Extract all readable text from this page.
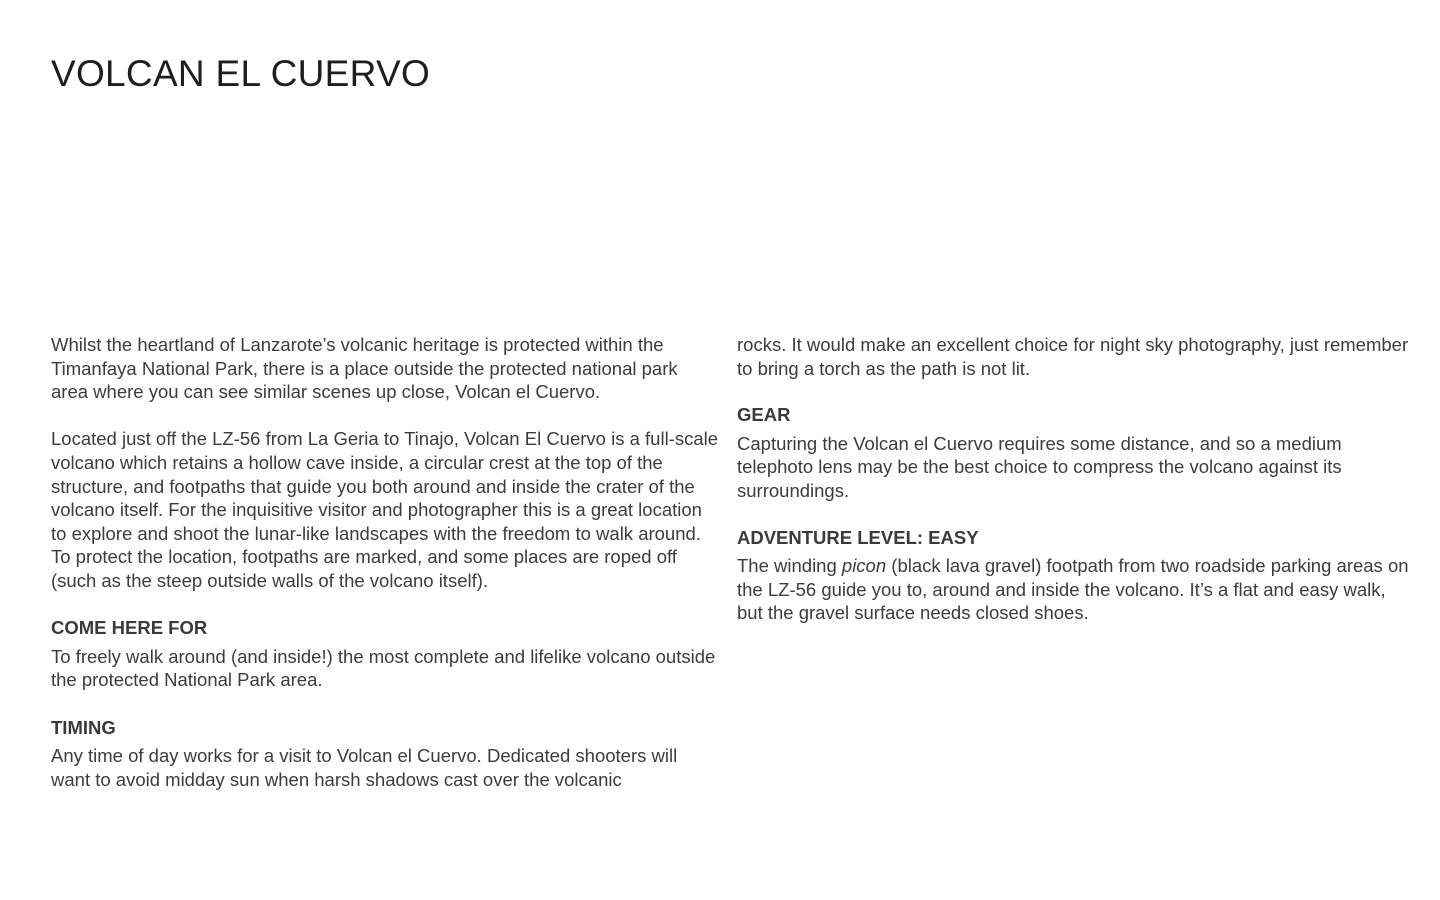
VOLCAN EL CUERVO

Whilst the heartland of Lanzarote’s volcanic heritage is protected within the Timanfaya National Park, there is a place outside the protected national park area where you can see similar scenes up close, Volcan el Cuervo.

Located just off the LZ-56 from La Geria to Tinajo, Volcan El Cuervo is a full-scale volcano which retains a hollow cave inside, a circular crest at the top of the structure, and footpaths that guide you both around and inside the crater of the volcano itself. For the inquisitive visitor and photographer this is a great location to explore and shoot the lunar-like landscapes with the freedom to walk around. To protect the location, footpaths are marked, and some places are roped off (such as the steep outside walls of the volcano itself).

COME HERE FOR

To freely walk around (and inside!) the most complete and lifelike volcano outside the protected National Park area.

TIMING

Any time of day works for a visit to Volcan el Cuervo. Dedicated shooters will want to avoid midday sun when harsh shadows cast over the volcanic

rocks. It would make an excellent choice for night sky photography, just remember to bring a torch as the path is not lit.

GEAR

Capturing the Volcan el Cuervo requires some distance, and so a medium telephoto lens may be the best choice to compress the volcano against its surroundings.

ADVENTURE LEVEL: EASY

The winding picon (black lava gravel) footpath from two roadside parking areas on the LZ-56 guide you to, around and inside the volcano. It’s a flat and easy walk, but the gravel surface needs closed shoes.
